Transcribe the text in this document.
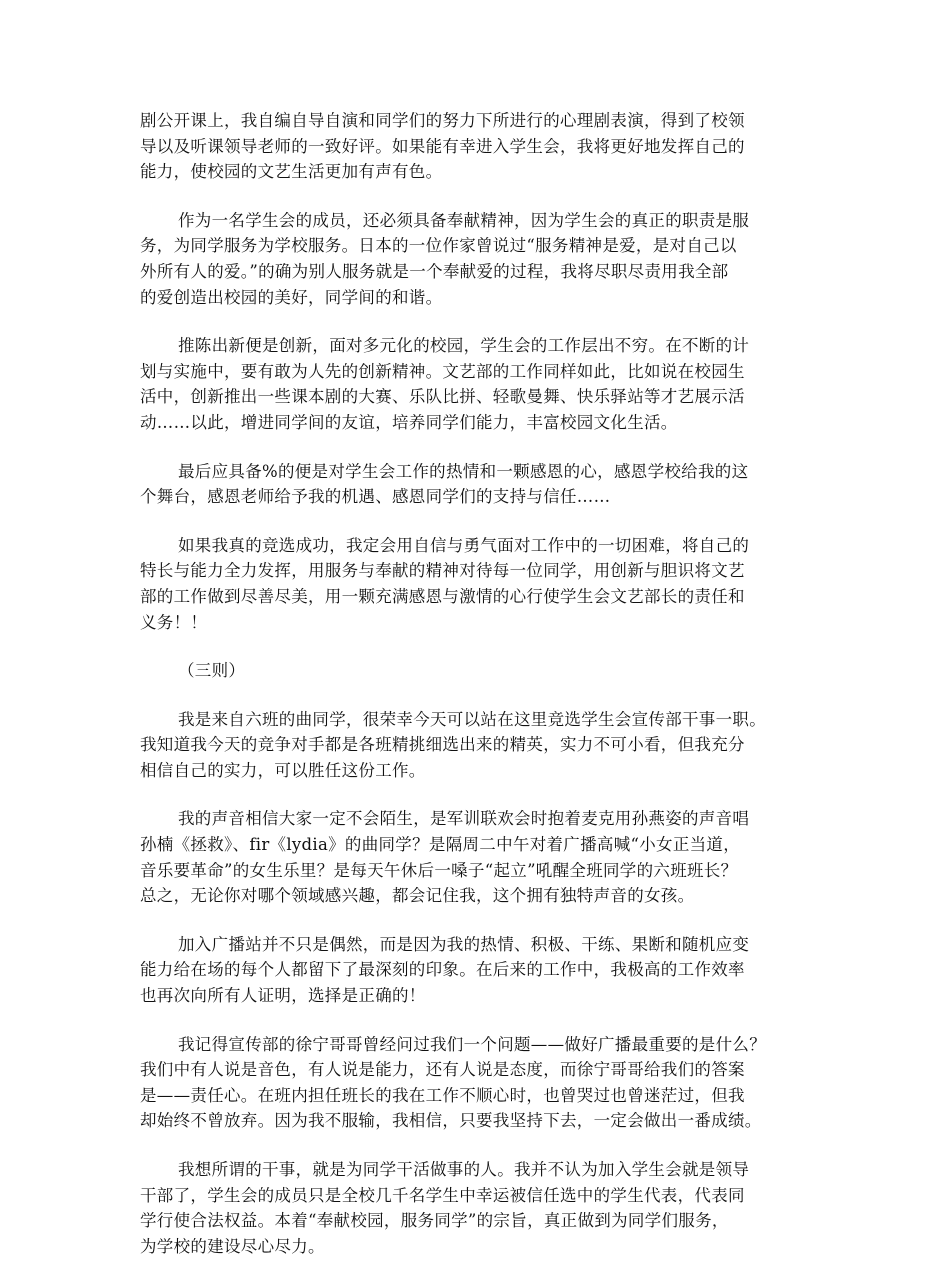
剧公开课上，我自编自导自演和同学们的努力下所进行的心理剧表演，得到了校领
导以及听课领导老师的一致好评。如果能有幸进入学生会，我将更好地发挥自己的
能力，使校园的文艺生活更加有声有色。
作为一名学生会的成员，还必须具备奉献精神，因为学生会的真正的职责是服
务，为同学服务为学校服务。日本的一位作家曾说过“服务精神是爱，是对自己以
外所有人的爱。”的确为别人服务就是一个奉献爱的过程，我将尽职尽责用我全部
的爱创造出校园的美好，同学间的和谐。
推陈出新便是创新，面对多元化的校园，学生会的工作层出不穷。在不断的计
划与实施中，要有敢为人先的创新精神。文艺部的工作同样如此，比如说在校园生
活中，创新推出一些课本剧的大赛、乐队比拼、轻歌曼舞、快乐驿站等才艺展示活
动……以此，增进同学间的友谊，培养同学们能力，丰富校园文化生活。
最后应具备%的便是对学生会工作的热情和一颗感恩的心，感恩学校给我的这
个舞台，感恩老师给予我的机遇、感恩同学们的支持与信任……
如果我真的竞选成功，我定会用自信与勇气面对工作中的一切困难，将自己的
特长与能力全力发挥，用服务与奉献的精神对待每一位同学，用创新与胆识将文艺
部的工作做到尽善尽美，用一颗充满感恩与激情的心行使学生会文艺部长的责任和
义务！！
（三则）
我是来自六班的曲同学，很荣幸今天可以站在这里竞选学生会宣传部干事一职。
我知道我今天的竞争对手都是各班精挑细选出来的精英，实力不可小看，但我充分
相信自己的实力，可以胜任这份工作。
我的声音相信大家一定不会陌生，是军训联欢会时抱着麦克用孙燕姿的声音唱
孙楠《拯救》、fir《lydia》的曲同学？是隔周二中午对着广播高喊“小女正当道，
音乐要革命”的女生乐里？是每天午休后一嗓子“起立”吼醒全班同学的六班班长？
总之，无论你对哪个领域感兴趣，都会记住我，这个拥有独特声音的女孩。
加入广播站并不只是偶然，而是因为我的热情、积极、干练、果断和随机应变
能力给在场的每个人都留下了最深刻的印象。在后来的工作中，我极高的工作效率
也再次向所有人证明，选择是正确的！
我记得宣传部的徐宁哥哥曾经问过我们一个问题——做好广播最重要的是什么？
我们中有人说是音色，有人说是能力，还有人说是态度，而徐宁哥哥给我们的答案
是——责任心。在班内担任班长的我在工作不顺心时，也曾哭过也曾迷茫过，但我
却始终不曾放弃。因为我不服输，我相信，只要我坚持下去，一定会做出一番成绩。
我想所谓的干事，就是为同学干活做事的人。我并不认为加入学生会就是领导
干部了，学生会的成员只是全校几千名学生中幸运被信任选中的学生代表，代表同
学行使合法权益。本着“奉献校园，服务同学”的宗旨，真正做到为同学们服务，
为学校的建设尽心尽力。
